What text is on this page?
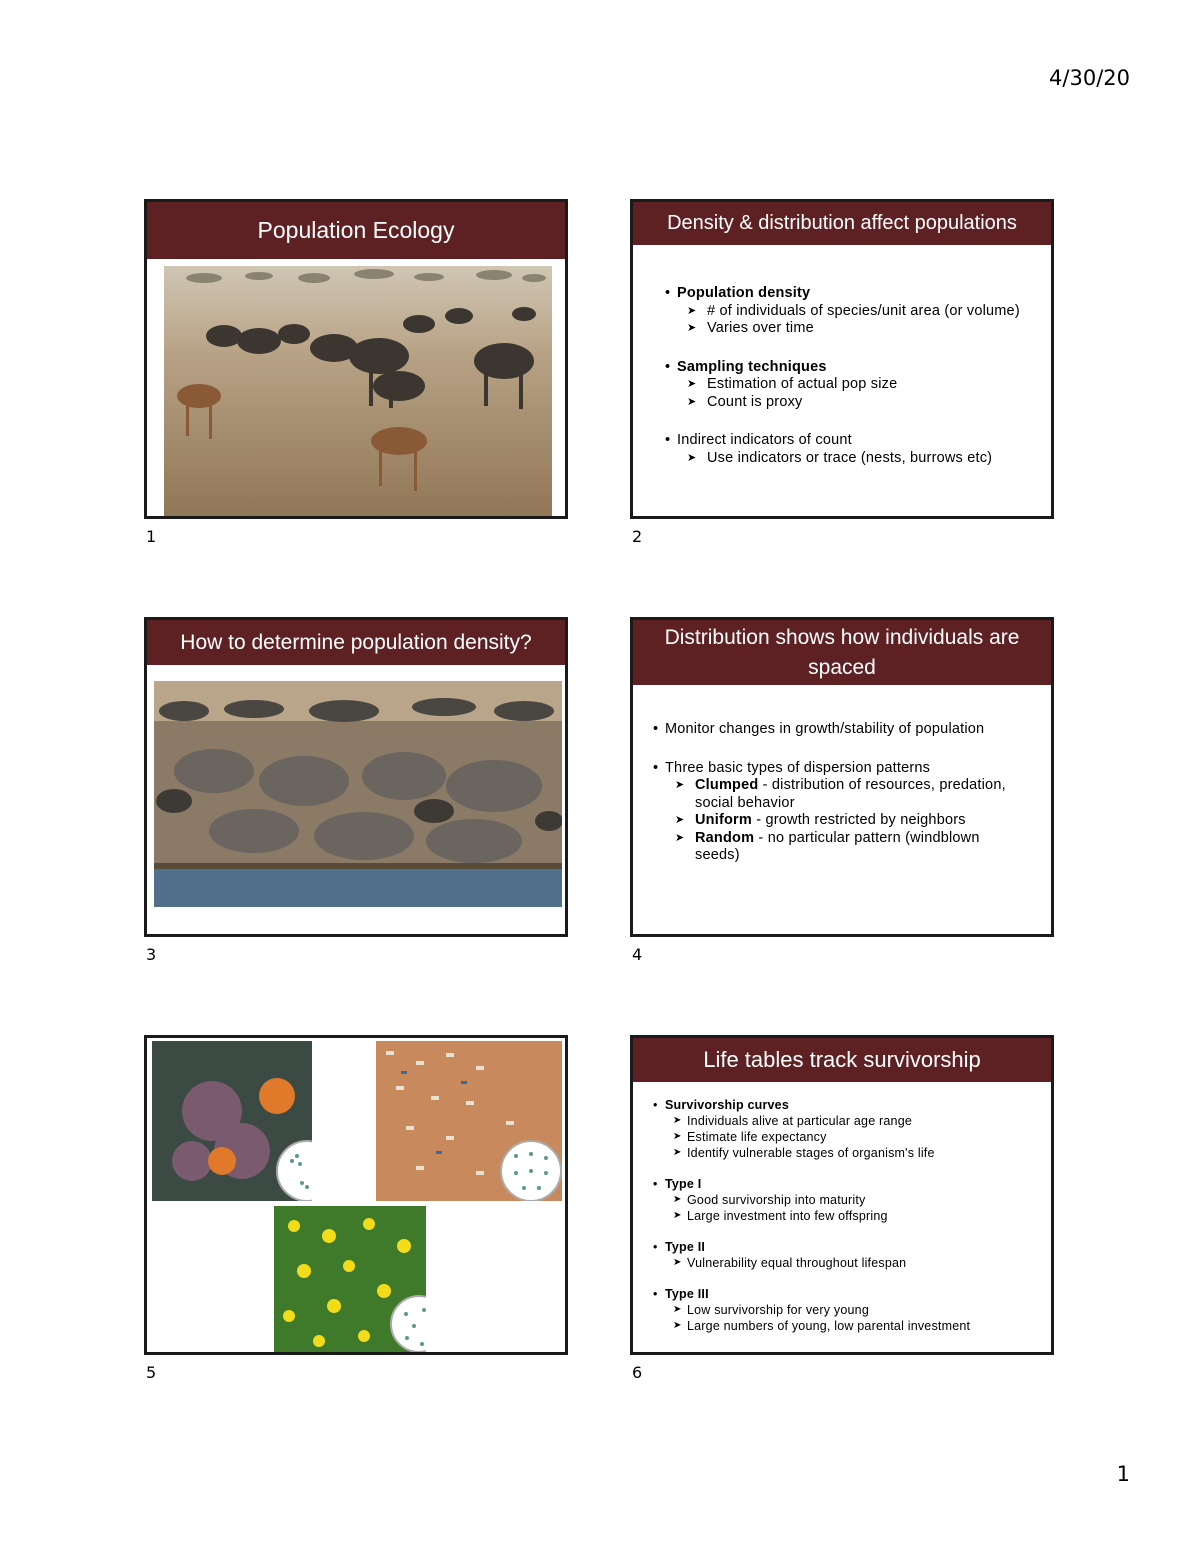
4/30/20
Population Ecology
1
Density & distribution affect populations
• Population density
➤ # of individuals of species/unit area (or volume)
➤ Varies over time
• Sampling techniques
➤ Estimation of actual pop size
➤ Count is proxy
• Indirect indicators of count
➤ Use indicators or trace (nests, burrows etc)
2
How to determine population density?
3
Distribution shows how individuals are spaced
• Monitor changes in growth/stability of population
• Three basic types of dispersion patterns
➤ Clumped - distribution of resources, predation, social behavior
➤ Uniform - growth restricted by neighbors
➤ Random - no particular pattern (windblown seeds)
4
5
Life tables track survivorship
• Survivorship curves
➤ Individuals alive at particular age range
➤ Estimate life expectancy
➤ Identify vulnerable stages of organism's life
• Type I
➤ Good survivorship into maturity
➤ Large investment into few offspring
• Type II
➤ Vulnerability equal throughout lifespan
• Type III
➤ Low survivorship for very young
➤ Large numbers of young, low parental investment
6
1
